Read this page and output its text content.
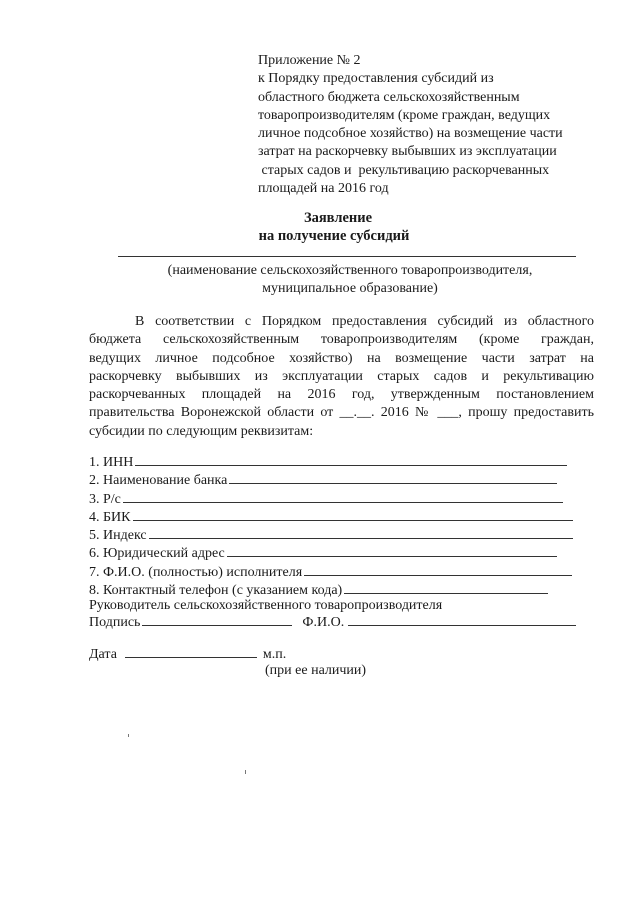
Приложение № 2
к Порядку предоставления субсидий из
областного бюджета сельскохозяйственным
товаропроизводителям (кроме граждан, ведущих
личное подсобное хозяйство) на возмещение части
затрат на раскорчевку выбывших из эксплуатации
старых садов и  рекультивацию раскорчеванных
площадей на 2016 год
Заявление
на получение субсидий
(наименование сельскохозяйственного товаропроизводителя,
муниципальное образование)
В соответствии с Порядком предоставления субсидий из областного
бюджета сельскохозяйственным товаропроизводителям (кроме граждан,
ведущих личное подсобное хозяйство) на возмещение части затрат на
раскорчевку выбывших из эксплуатации старых садов и рекультивацию
раскорчеванных площадей на 2016 год, утвержденным постановлением
правительства Воронежской области от __.__. 2016 № ___, прошу предоставить
субсидии по следующим реквизитам:
1. ИНН
2. Наименование банка
3. Р/с
4. БИК
5. Индекс
6. Юридический адрес
7. Ф.И.О. (полностью) исполнителя
8. Контактный телефон (с указанием кода)
Руководитель сельскохозяйственного товаропроизводителя
Подпись	Ф.И.О.
Дата	м.п.
(при ее наличии)
